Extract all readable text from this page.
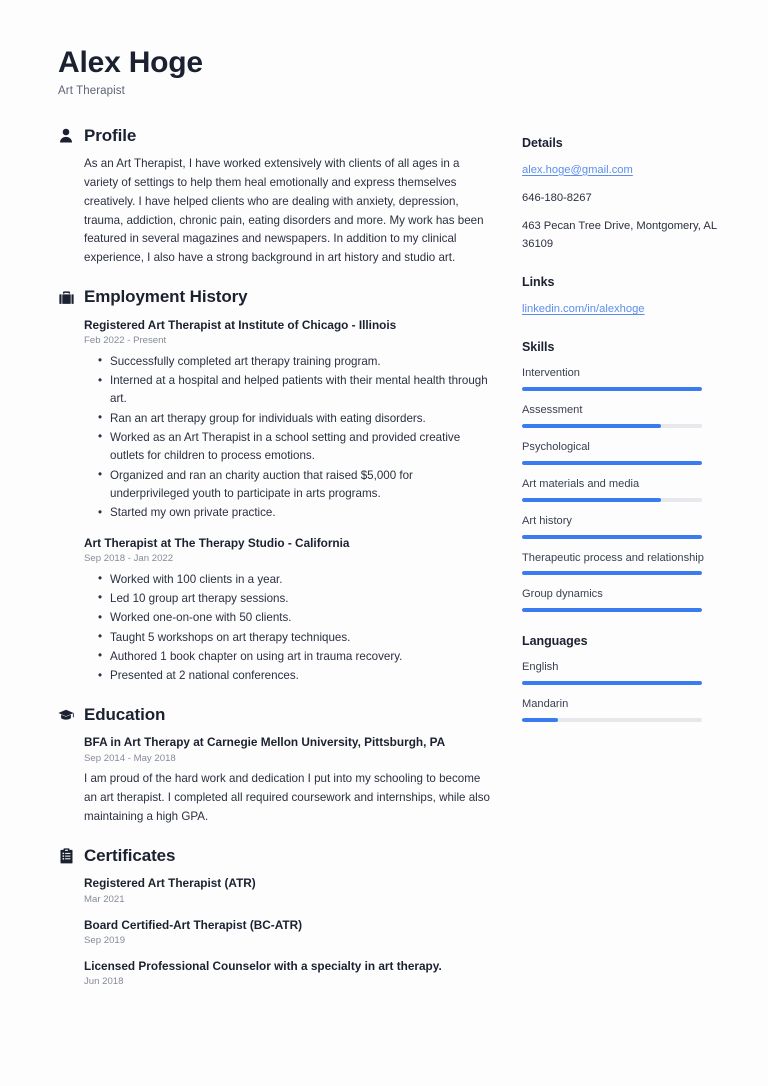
Alex Hoge

Art Therapist

Profile

As an Art Therapist, I have worked extensively with clients of all ages in a variety of settings to help them heal emotionally and express themselves creatively. I have helped clients who are dealing with anxiety, depression, trauma, addiction, chronic pain, eating disorders and more. My work has been featured in several magazines and newspapers. In addition to my clinical experience, I also have a strong background in art history and studio art.

Employment History

Registered Art Therapist at Institute of Chicago - Illinois

Feb 2022 - Present

• Successfully completed art therapy training program.
• Interned at a hospital and helped patients with their mental health through art.
• Ran an art therapy group for individuals with eating disorders.
• Worked as an Art Therapist in a school setting and provided creative outlets for children to process emotions.
• Organized and ran an charity auction that raised $5,000 for underprivileged youth to participate in arts programs.
• Started my own private practice.

Art Therapist at The Therapy Studio - California

Sep 2018 - Jan 2022

• Worked with 100 clients in a year.
• Led 10 group art therapy sessions.
• Worked one-on-one with 50 clients.
• Taught 5 workshops on art therapy techniques.
• Authored 1 book chapter on using art in trauma recovery.
• Presented at 2 national conferences.
Education

BFA in Art Therapy at Carnegie Mellon University, Pittsburgh, PA

Sep 2014 - May 2018

I am proud of the hard work and dedication I put into my schooling to become an art therapist. I completed all required coursework and internships, while also maintaining a high GPA.

Certificates

Registered Art Therapist (ATR)

Mar 2021

Board Certified-Art Therapist (BC-ATR)

Sep 2019

Licensed Professional Counselor with a specialty in art therapy.

Jun 2018

Details

alex.hoge@gmail.com

646-180-8267

463 Pecan Tree Drive, Montgomery, AL 36109

Links

linkedin.com/in/alexhoge

Skills

Intervention

Assessment

Psychological

Art materials and media

Art history

Therapeutic process and relationship

Group dynamics

Languages

English

Mandarin
